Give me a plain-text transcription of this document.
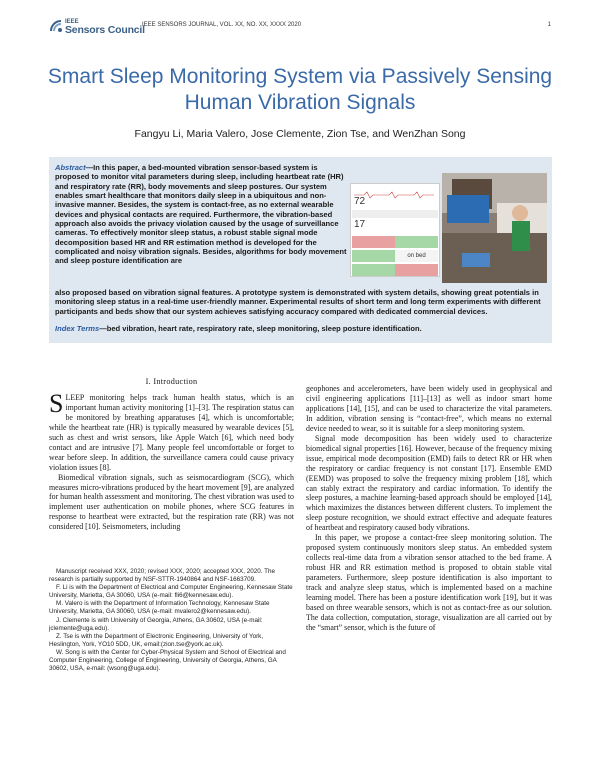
IEEE
Sensors Council
IEEE SENSORS JOURNAL, VOL. XX, NO. XX, XXXX 2020	1
Smart Sleep Monitoring System via Passively Sensing Human Vibration Signals
Fangyu Li, Maria Valero, Jose Clemente, Zion Tse, and WenZhan Song
Abstract—In this paper, a bed-mounted vibration sensor-based system is proposed to monitor vital parameters during sleep, including heartbeat rate (HR) and respiratory rate (RR), body movements and sleep postures. Our system enables smart healthcare that monitors daily sleep in a ubiquitous and non-invasive manner. Besides, the system is contact-free, as no external wearable devices and physical contacts are required. Furthermore, the vibration-based approach also avoids the privacy violation caused by the usage of surveillance cameras. To effectively monitor sleep status, a robust stable signal mode decomposition based HR and RR estimation method is developed for the complicated and noisy vibration signals. Besides, algorithms for body movement and sleep posture identification are
72
17
on bed
also proposed based on vibration signal features. A prototype system is demonstrated with system details, showing great potentials in monitoring sleep status in a real-time user-friendly manner. Experimental results of short term and long term experiments with different participants and beds show that our system achieves satisfying accuracy compared with dedicated commercial devices.
Index Terms—bed vibration, heart rate, respiratory rate, sleep monitoring, sleep posture identification.
I. Introduction

SLEEP monitoring helps track human health status, which is an important human activity monitoring [1]–[3]. The respiration status can be monitored by breathing apparatuses [4], which is uncomfortable; while the heartbeat rate (HR) is typically measured by wearable devices [5], such as chest and wrist sensors, like Apple Watch [6], which need body contact and are intrusive [7]. Many people feel uncomfortable or forget to wear before sleep. In addition, the surveillance camera could cause privacy violation issues [8].

Biomedical vibration signals, such as seismocardiogram (SCG), which measures micro-vibrations produced by the heart movement [9], are analyzed for human health assessment and monitoring. The chest vibration was used to implement user authentication on mobile phones, where SCG features in response to heartbeat were extracted, but the respiration rate (RR) was not considered [10]. Seismometers, including

Manuscript received XXX, 2020; revised XXX, 2020; accepted XXX, 2020. The research is partially supported by NSF-STTR-1940864 and NSF-1663709.

F. Li is with the Department of Electrical and Computer Engineering, Kennesaw State University, Marietta, GA 30060, USA (e-mail: fli6@kennesaw.edu).

M. Valero is with the Department of Information Technology, Kennesaw State University, Marietta, GA 30060, USA (e-mail: mvalero2@kennesaw.edu).

J. Clemente is with University of Georgia, Athens, GA 30602, USA (e-mail: jclemente@uga.edu).

Z. Tse is with the Department of Electronic Engineering, University of York, Heslington, York, YO10 5DD, UK, email:(zion.tse@york.ac.uk).

W. Song is with the Center for Cyber-Physical System and School of Electrical and Computer Engineering, College of Engineering, University of Georgia, Athens, GA 30602, USA, e-mail: (wsong@uga.edu).

geophones and accelerometers, have been widely used in geophysical and civil engineering applications [11]–[13] as well as indoor smart home applications [14], [15], and can be used to characterize the vital parameters. In addition, vibration sensing is “contact-free”, which means no external device needed to wear, so it is suitable for a sleep monitoring system.

Signal mode decomposition has been widely used to characterize biomedical signal properties [16]. However, because of the frequency mixing issue, empirical mode decomposition (EMD) fails to detect RR or HR when the respiratory or cardiac frequency is not constant [17]. Ensemble EMD (EEMD) was proposed to solve the frequency mixing problem [18], which can stably extract the respiratory and cardiac information. To identify the sleep postures, a machine learning-based approach should be employed [14], which maximizes the distances between different clusters. To implement the sleep posture recognition, we should extract effective and adequate features of heartbeat and respiratory caused body vibrations.

In this paper, we propose a contact-free sleep monitoring solution. The proposed system continuously monitors sleep status. An embedded system collects real-time data from a vibration sensor attached to the bed frame. A robust HR and RR estimation method is proposed to obtain stable vital parameters. Furthermore, sleep posture identification is also important to track and analyze sleep status, which is implemented based on a machine learning model. There has been a posture identification work [19], but it was based on three wearable sensors, which is not as contact-free as our solution. The data collection, computation, storage, visualization are all carried out by the “smart” sensor, which is the future of
